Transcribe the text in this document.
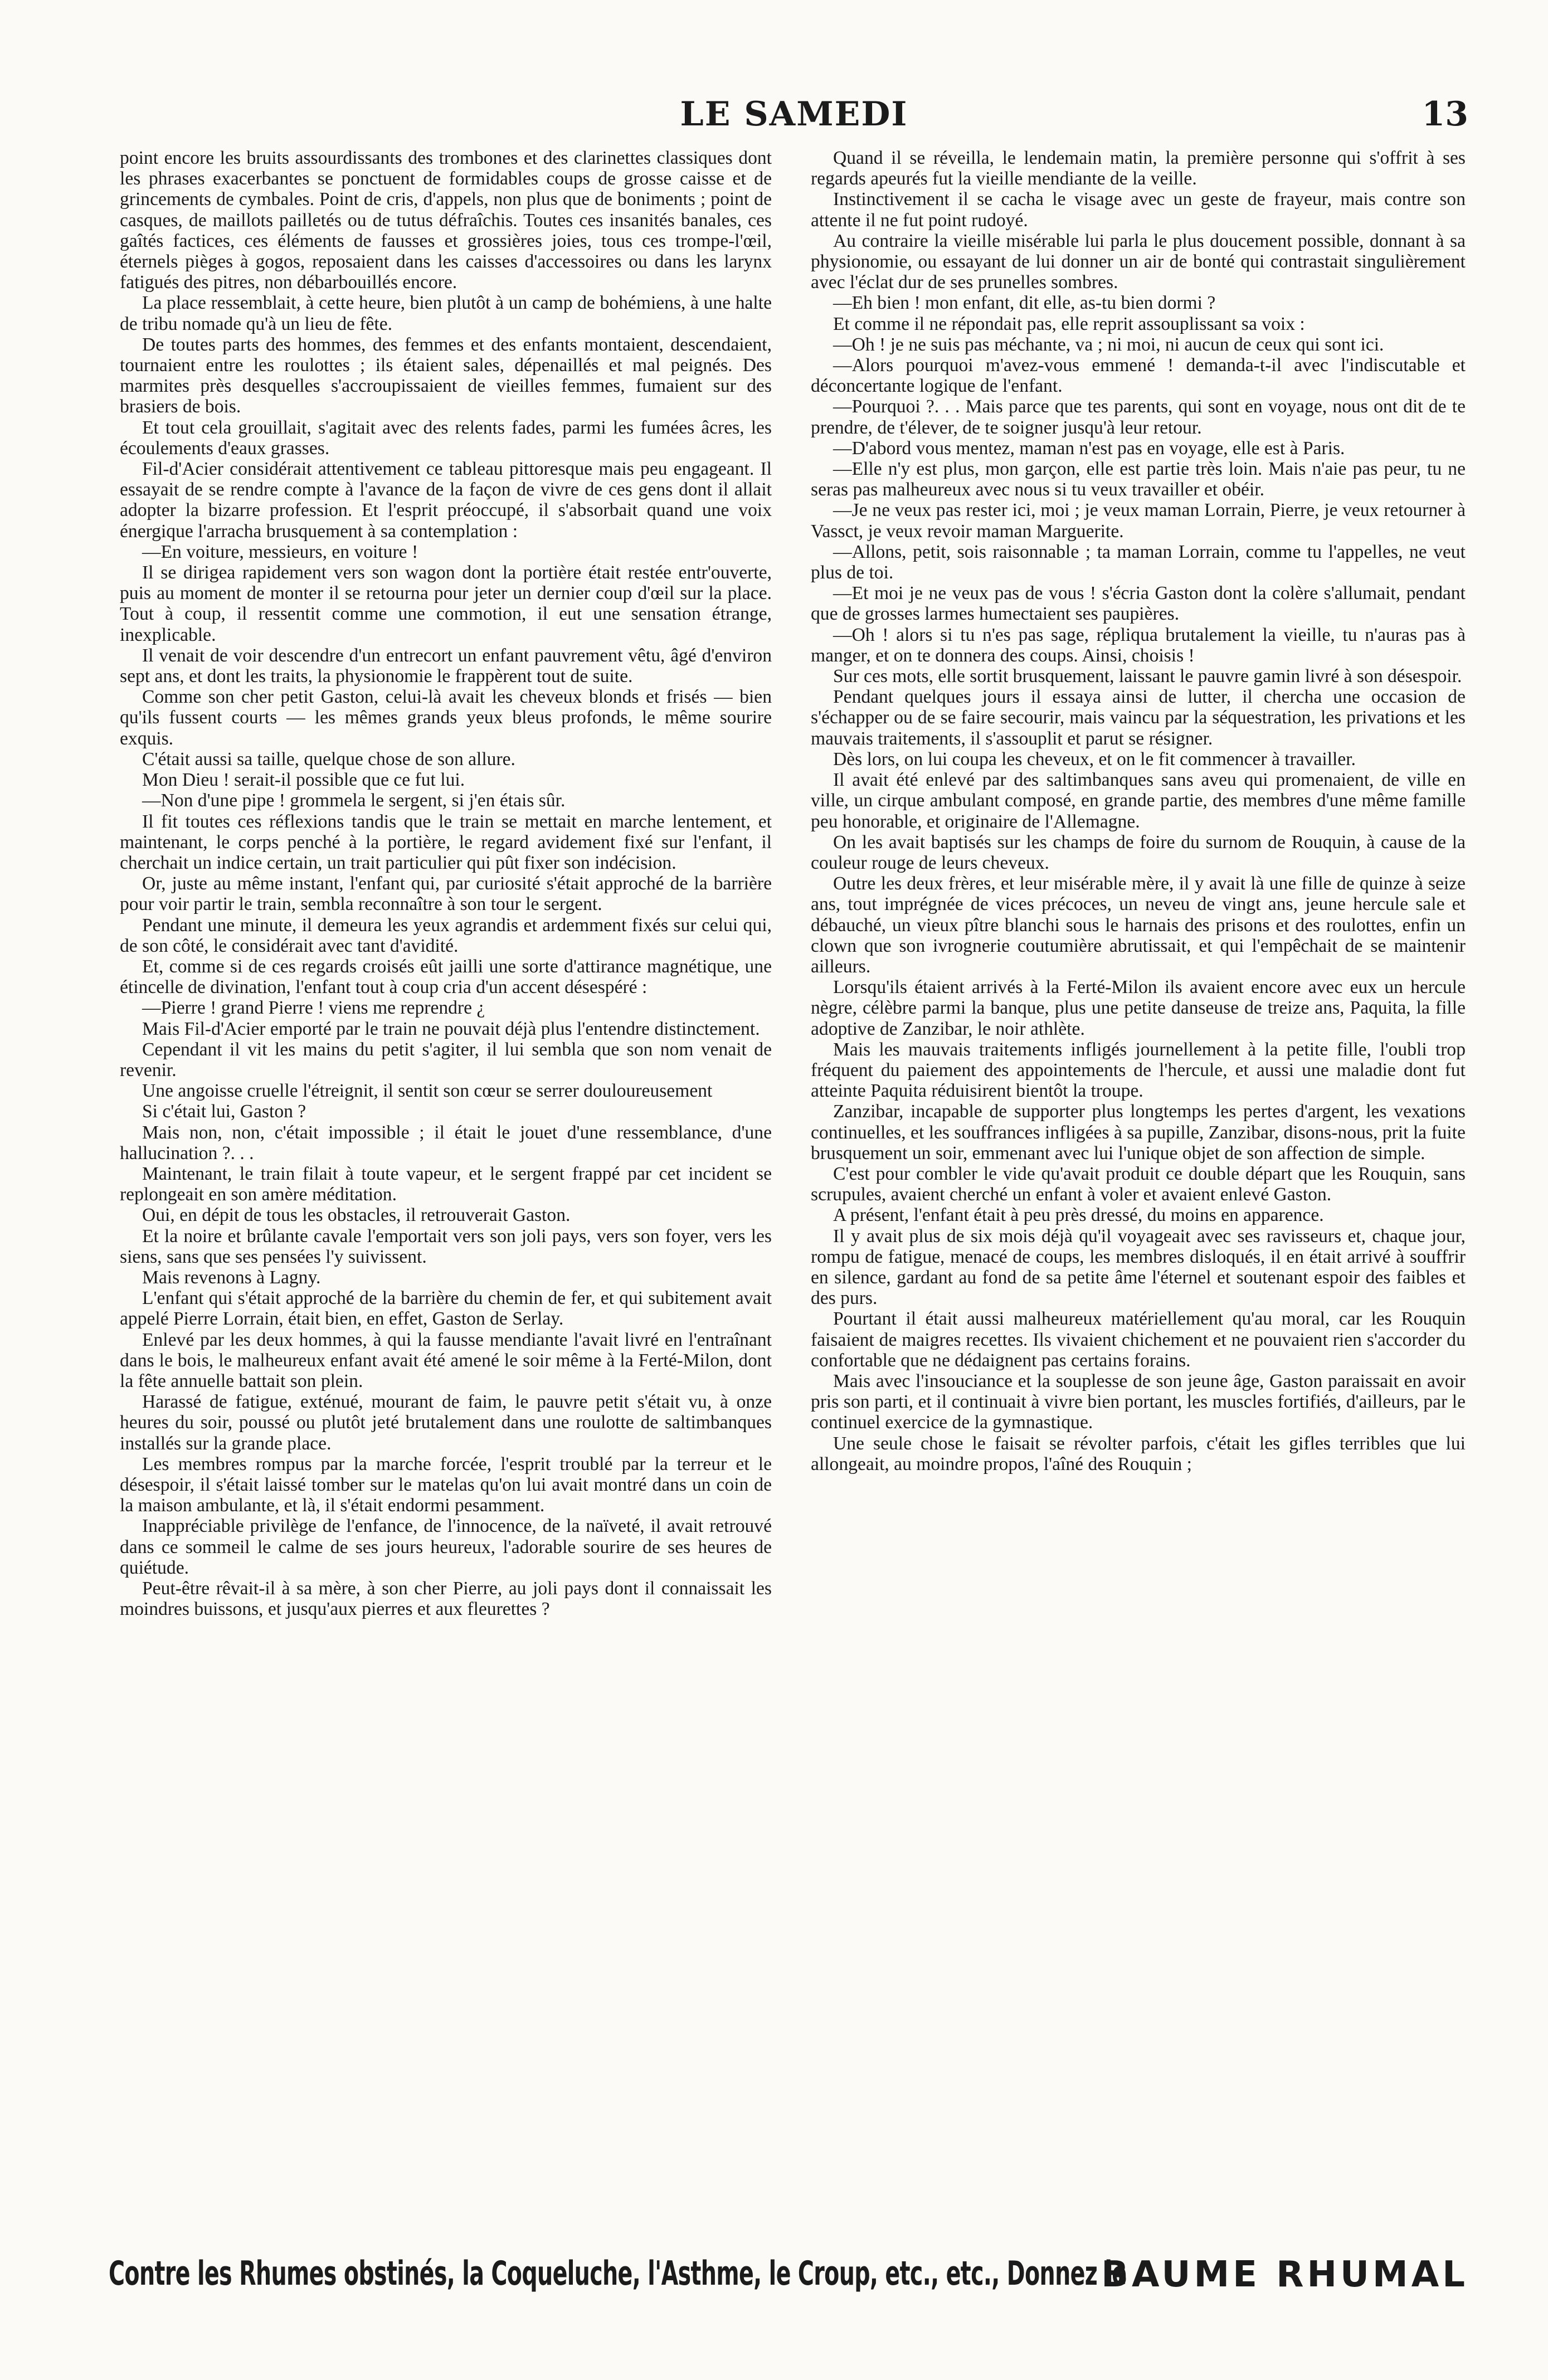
LE SAMEDI	13

point encore les bruits assourdissants des trombones et des clarinettes classiques dont les phrases exacerbantes se ponctuent de formidables coups de grosse caisse et de grincements de cymbales. Point de cris, d'appels, non plus que de boniments ; point de casques, de maillots pailletés ou de tutus défraîchis. Toutes ces insanités banales, ces gaîtés factices, ces éléments de fausses et grossières joies, tous ces trompe-l'œil, éternels pièges à gogos, reposaient dans les caisses d'accessoires ou dans les larynx fatigués des pitres, non débarbouillés encore.

La place ressemblait, à cette heure, bien plutôt à un camp de bohémiens, à une halte de tribu nomade qu'à un lieu de fête.

De toutes parts des hommes, des femmes et des enfants montaient, descendaient, tournaient entre les roulottes ; ils étaient sales, dépenaillés et mal peignés. Des marmites près desquelles s'accroupissaient de vieilles femmes, fumaient sur des brasiers de bois.

Et tout cela grouillait, s'agitait avec des relents fades, parmi les fumées âcres, les écoulements d'eaux grasses.

Fil-d'Acier considérait attentivement ce tableau pittoresque mais peu engageant. Il essayait de se rendre compte à l'avance de la façon de vivre de ces gens dont il allait adopter la bizarre profession. Et l'esprit préoccupé, il s'absorbait quand une voix énergique l'arracha brusquement à sa contemplation :

—En voiture, messieurs, en voiture !

Il se dirigea rapidement vers son wagon dont la portière était restée entr'ouverte, puis au moment de monter il se retourna pour jeter un dernier coup d'œil sur la place. Tout à coup, il ressentit comme une commotion, il eut une sensation étrange, inexplicable.

Il venait de voir descendre d'un entrecort un enfant pauvrement vêtu, âgé d'environ sept ans, et dont les traits, la physionomie le frappèrent tout de suite.

Comme son cher petit Gaston, celui-là avait les cheveux blonds et frisés — bien qu'ils fussent courts — les mêmes grands yeux bleus profonds, le même sourire exquis.

C'était aussi sa taille, quelque chose de son allure.

Mon Dieu ! serait-il possible que ce fut lui.

—Non d'une pipe ! grommela le sergent, si j'en étais sûr.

Il fit toutes ces réflexions tandis que le train se mettait en marche lentement, et maintenant, le corps penché à la portière, le regard avidement fixé sur l'enfant, il cherchait un indice certain, un trait particulier qui pût fixer son indécision.

Or, juste au même instant, l'enfant qui, par curiosité s'était approché de la barrière pour voir partir le train, sembla reconnaître à son tour le sergent.

Pendant une minute, il demeura les yeux agrandis et ardemment fixés sur celui qui, de son côté, le considérait avec tant d'avidité.

Et, comme si de ces regards croisés eût jailli une sorte d'attirance magnétique, une étincelle de divination, l'enfant tout à coup cria d'un accent désespéré :

—Pierre ! grand Pierre ! viens me reprendre ¿

Mais Fil-d'Acier emporté par le train ne pouvait déjà plus l'entendre distinctement.

Cependant il vit les mains du petit s'agiter, il lui sembla que son nom venait de revenir.

Une angoisse cruelle l'étreignit, il sentit son cœur se serrer douloureusement

Si c'était lui, Gaston ?

Mais non, non, c'était impossible ; il était le jouet d'une ressemblance, d'une hallucination ?. . .

Maintenant, le train filait à toute vapeur, et le sergent frappé par cet incident se replongeait en son amère méditation.

Oui, en dépit de tous les obstacles, il retrouverait Gaston.

Et la noire et brûlante cavale l'emportait vers son joli pays, vers son foyer, vers les siens, sans que ses pensées l'y suivissent.

Mais revenons à Lagny.

L'enfant qui s'était approché de la barrière du chemin de fer, et qui subitement avait appelé Pierre Lorrain, était bien, en effet, Gaston de Serlay.

Enlevé par les deux hommes, à qui la fausse mendiante l'avait livré en l'entraînant dans le bois, le malheureux enfant avait été amené le soir même à la Ferté-Milon, dont la fête annuelle battait son plein.

Harassé de fatigue, exténué, mourant de faim, le pauvre petit s'était vu, à onze heures du soir, poussé ou plutôt jeté brutalement dans une roulotte de saltimbanques installés sur la grande place.

Les membres rompus par la marche forcée, l'esprit troublé par la terreur et le désespoir, il s'était laissé tomber sur le matelas qu'on lui avait montré dans un coin de la maison ambulante, et là, il s'était endormi pesamment.

Inappréciable privilège de l'enfance, de l'innocence, de la naïveté, il avait retrouvé dans ce sommeil le calme de ses jours heureux, l'adorable sourire de ses heures de quiétude.

Peut-être rêvait-il à sa mère, à son cher Pierre, au joli pays dont il connaissait les moindres buissons, et jusqu'aux pierres et aux fleurettes ?

Quand il se réveilla, le lendemain matin, la première personne qui s'offrit à ses regards apeurés fut la vieille mendiante de la veille.

Instinctivement il se cacha le visage avec un geste de frayeur, mais contre son attente il ne fut point rudoyé.

Au contraire la vieille misérable lui parla le plus doucement possible, donnant à sa physionomie, ou essayant de lui donner un air de bonté qui contrastait singulièrement avec l'éclat dur de ses prunelles sombres.

—Eh bien ! mon enfant, dit elle, as-tu bien dormi ?

Et comme il ne répondait pas, elle reprit assouplissant sa voix :

—Oh ! je ne suis pas méchante, va ; ni moi, ni aucun de ceux qui sont ici.

—Alors pourquoi m'avez-vous emmené ! demanda-t-il avec l'indiscutable et déconcertante logique de l'enfant.

—Pourquoi ?. . . Mais parce que tes parents, qui sont en voyage, nous ont dit de te prendre, de t'élever, de te soigner jusqu'à leur retour.

—D'abord vous mentez, maman n'est pas en voyage, elle est à Paris.

—Elle n'y est plus, mon garçon, elle est partie très loin. Mais n'aie pas peur, tu ne seras pas malheureux avec nous si tu veux travailler et obéir.

—Je ne veux pas rester ici, moi ; je veux maman Lorrain, Pierre, je veux retourner à Vassct, je veux revoir maman Marguerite.

—Allons, petit, sois raisonnable ; ta maman Lorrain, comme tu l'appelles, ne veut plus de toi.

—Et moi je ne veux pas de vous ! s'écria Gaston dont la colère s'allumait, pendant que de grosses larmes humectaient ses paupières.

—Oh ! alors si tu n'es pas sage, répliqua brutalement la vieille, tu n'auras pas à manger, et on te donnera des coups. Ainsi, choisis !

Sur ces mots, elle sortit brusquement, laissant le pauvre gamin livré à son désespoir.

Pendant quelques jours il essaya ainsi de lutter, il chercha une occasion de s'échapper ou de se faire secourir, mais vaincu par la séquestration, les privations et les mauvais traitements, il s'assouplit et parut se résigner.

Dès lors, on lui coupa les cheveux, et on le fit commencer à travailler.

Il avait été enlevé par des saltimbanques sans aveu qui promenaient, de ville en ville, un cirque ambulant composé, en grande partie, des membres d'une même famille peu honorable, et originaire de l'Allemagne.

On les avait baptisés sur les champs de foire du surnom de Rouquin, à cause de la couleur rouge de leurs cheveux.

Outre les deux frères, et leur misérable mère, il y avait là une fille de quinze à seize ans, tout imprégnée de vices précoces, un neveu de vingt ans, jeune hercule sale et débauché, un vieux pître blanchi sous le harnais des prisons et des roulottes, enfin un clown que son ivrognerie coutumière abrutissait, et qui l'empêchait de se maintenir ailleurs.

Lorsqu'ils étaient arrivés à la Ferté-Milon ils avaient encore avec eux un hercule nègre, célèbre parmi la banque, plus une petite danseuse de treize ans, Paquita, la fille adoptive de Zanzibar, le noir athlète.

Mais les mauvais traitements infligés journellement à la petite fille, l'oubli trop fréquent du paiement des appointements de l'hercule, et aussi une maladie dont fut atteinte Paquita réduisirent bientôt la troupe.

Zanzibar, incapable de supporter plus longtemps les pertes d'argent, les vexations continuelles, et les souffrances infligées à sa pupille, Zanzibar, disons-nous, prit la fuite brusquement un soir, emmenant avec lui l'unique objet de son affection de simple.

C'est pour combler le vide qu'avait produit ce double départ que les Rouquin, sans scrupules, avaient cherché un enfant à voler et avaient enlevé Gaston.

A présent, l'enfant était à peu près dressé, du moins en apparence.

Il y avait plus de six mois déjà qu'il voyageait avec ses ravisseurs et, chaque jour, rompu de fatigue, menacé de coups, les membres disloqués, il en était arrivé à souffrir en silence, gardant au fond de sa petite âme l'éternel et soutenant espoir des faibles et des purs.

Pourtant il était aussi malheureux matériellement qu'au moral, car les Rouquin faisaient de maigres recettes. Ils vivaient chichement et ne pouvaient rien s'accorder du confortable que ne dédaignent pas certains forains.

Mais avec l'insouciance et la souplesse de son jeune âge, Gaston paraissait en avoir pris son parti, et il continuait à vivre bien portant, les muscles fortifiés, d'ailleurs, par le continuel exercice de la gymnastique.

Une seule chose le faisait se révolter parfois, c'était les gifles terribles que lui allongeait, au moindre propos, l'aîné des Rouquin ;

Contre les Rhumes obstinés, la Coqueluche, l'Asthme, le Croup, etc., etc., Donnez le
BAUME RHUMAL
